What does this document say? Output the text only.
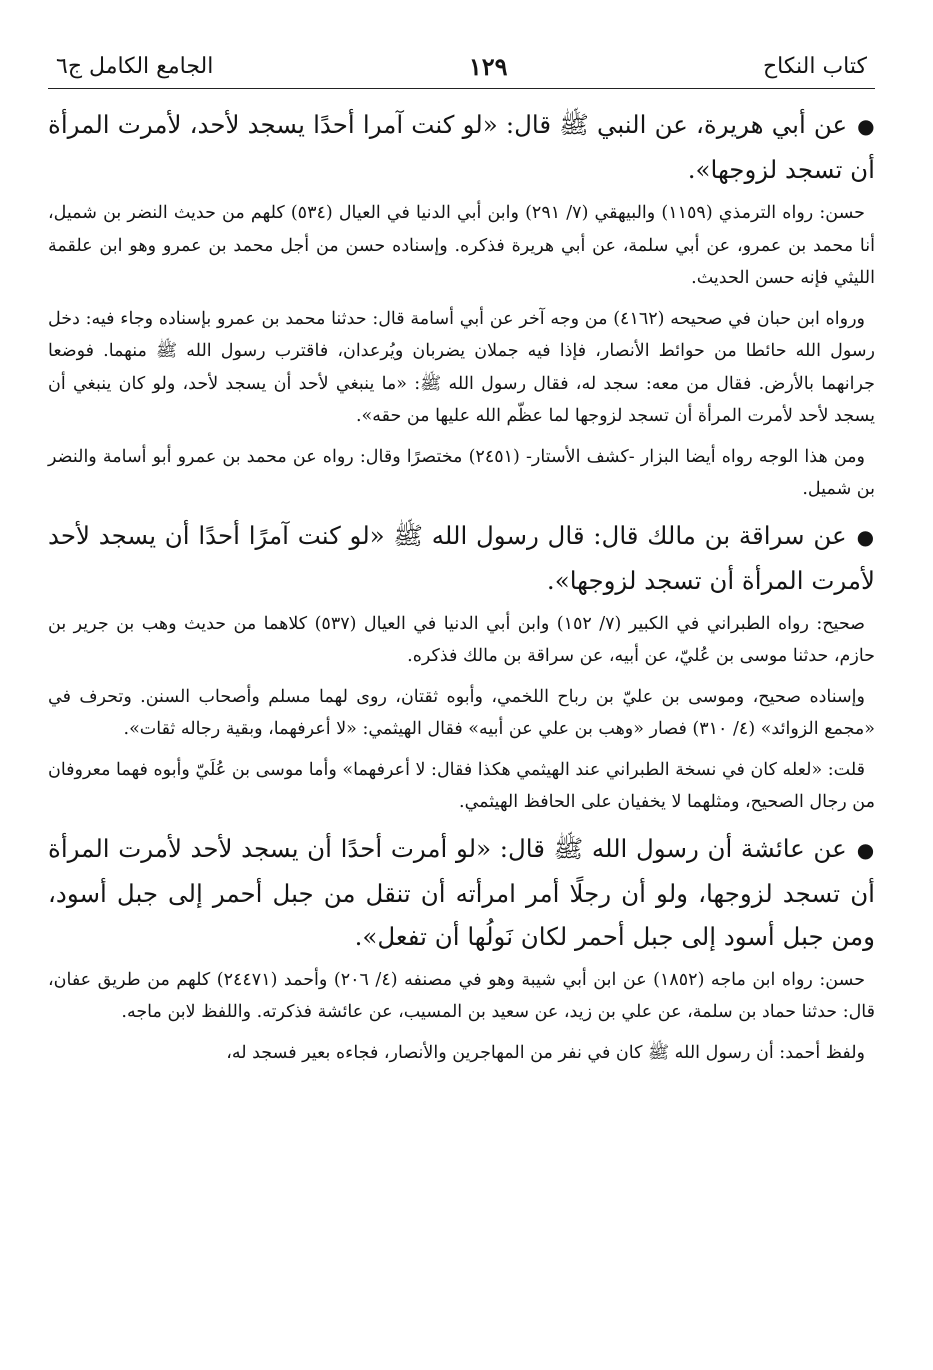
كتاب النكاح
١٢٩
الجامع الكامل ج٦

●عن أبي هريرة، عن النبي ﷺ قال: «لو كنت آمرا أحدًا يسجد لأحد، لأمرت المرأة أن تسجد لزوجها».

حسن: رواه الترمذي (١١٥٩) والبيهقي (٧/ ٢٩١) وابن أبي الدنيا في العيال (٥٣٤) كلهم من حديث النضر بن شميل، أنا محمد بن عمرو، عن أبي سلمة، عن أبي هريرة فذكره. وإسناده حسن من أجل محمد بن عمرو وهو ابن علقمة الليثي فإنه حسن الحديث.

ورواه ابن حبان في صحيحه (٤١٦٢) من وجه آخر عن أبي أسامة قال: حدثنا محمد بن عمرو بإسناده وجاء فيه: دخل رسول الله حائطا من حوائط الأنصار، فإذا فيه جملان يضربان ويُرعدان، فاقترب رسول الله ﷺ منهما. فوضعا جرانهما بالأرض. فقال من معه: سجد له، فقال رسول الله ﷺ: «ما ينبغي لأحد أن يسجد لأحد، ولو كان ينبغي أن يسجد لأحد لأمرت المرأة أن تسجد لزوجها لما عظّم الله عليها من حقه».

ومن هذا الوجه رواه أيضا البزار -كشف الأستار- (٢٤٥١) مختصرًا وقال: رواه عن محمد بن عمرو أبو أسامة والنضر بن شميل.

●عن سراقة بن مالك قال: قال رسول الله ﷺ «لو كنت آمرًا أحدًا أن يسجد لأحد لأمرت المرأة أن تسجد لزوجها».

صحيح: رواه الطبراني في الكبير (٧/ ١٥٢) وابن أبي الدنيا في العيال (٥٣٧) كلاهما من حديث وهب بن جرير بن حازم، حدثنا موسى بن عُليّ، عن أبيه، عن سراقة بن مالك فذكره.

وإسناده صحيح، وموسى بن عليّ بن رباح اللخمي، وأبوه ثقتان، روى لهما مسلم وأصحاب السنن. وتحرف في «مجمع الزوائد» (٤/ ٣١٠) فصار «وهب بن علي عن أبيه» فقال الهيثمي: «لا أعرفهما، وبقية رجاله ثقات».

قلت: «لعله كان في نسخة الطبراني عند الهيثمي هكذا فقال: لا أعرفهما» وأما موسى بن عُلَيّ وأبوه فهما معروفان من رجال الصحيح، ومثلهما لا يخفيان على الحافظ الهيثمي.

●عن عائشة أن رسول الله ﷺ قال: «لو أمرت أحدًا أن يسجد لأحد لأمرت المرأة أن تسجد لزوجها، ولو أن رجلًا أمر امرأته أن تنقل من جبل أحمر إلى جبل أسود، ومن جبل أسود إلى جبل أحمر لكان نَولُها أن تفعل».

حسن: رواه ابن ماجه (١٨٥٢) عن ابن أبي شيبة وهو في مصنفه (٤/ ٢٠٦) وأحمد (٢٤٤٧١) كلهم من طريق عفان، قال: حدثنا حماد بن سلمة، عن علي بن زيد، عن سعيد بن المسيب، عن عائشة فذكرته. واللفظ لابن ماجه.

ولفظ أحمد: أن رسول الله ﷺ كان في نفر من المهاجرين والأنصار، فجاءه بعير فسجد له،
